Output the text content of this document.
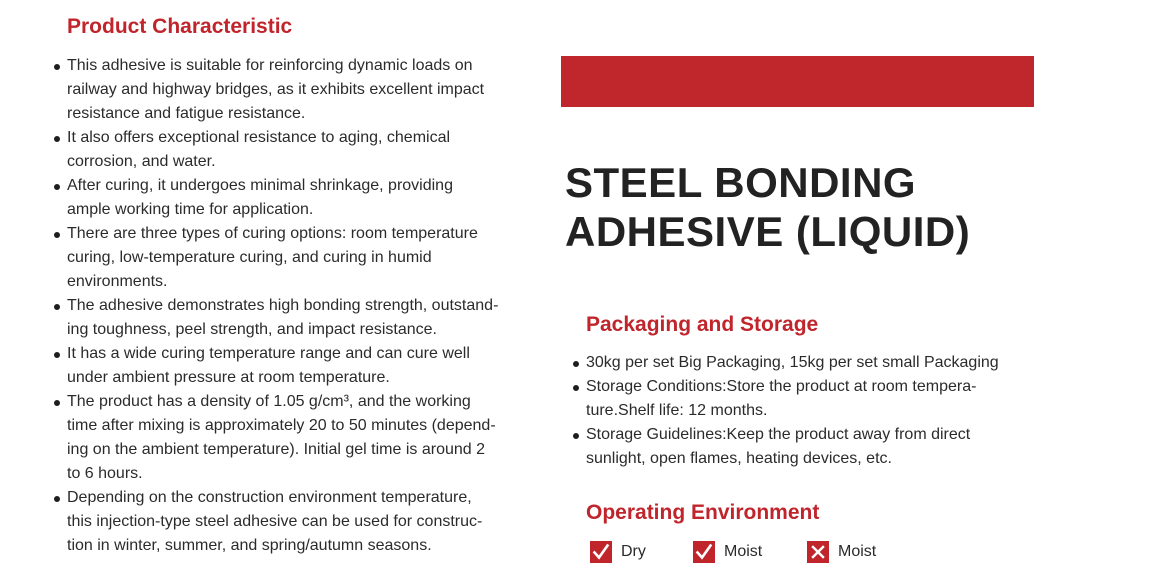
Product Characteristic
This adhesive is suitable for reinforcing dynamic loads on
railway and highway bridges, as it exhibits excellent impact
resistance and fatigue resistance.
It also offers exceptional resistance to aging, chemical
corrosion, and water.
After curing, it undergoes minimal shrinkage, providing
ample working time for application.
There are three types of curing options: room temperature
curing, low-temperature curing, and curing in humid
environments.
The adhesive demonstrates high bonding strength, outstand-
ing toughness, peel strength, and impact resistance.
It has a wide curing temperature range and can cure well
under ambient pressure at room temperature.
The product has a density of 1.05 g/cm³, and the working
time after mixing is approximately 20 to 50 minutes (depend-
ing on the ambient temperature). Initial gel time is around 2
to 6 hours.
Depending on the construction environment temperature,
this injection-type steel adhesive can be used for construc-
tion in winter, summer, and spring/autumn seasons.
STEEL BONDING
ADHESIVE (LIQUID)
Packaging and Storage
30kg per set Big Packaging, 15kg per set small Packaging
Storage Conditions:Store the product at room tempera-
ture.Shelf life: 12 months.
Storage Guidelines:Keep the product away from direct
sunlight, open flames, heating devices, etc.
Operating Environment
Dry	Moist	Moist
